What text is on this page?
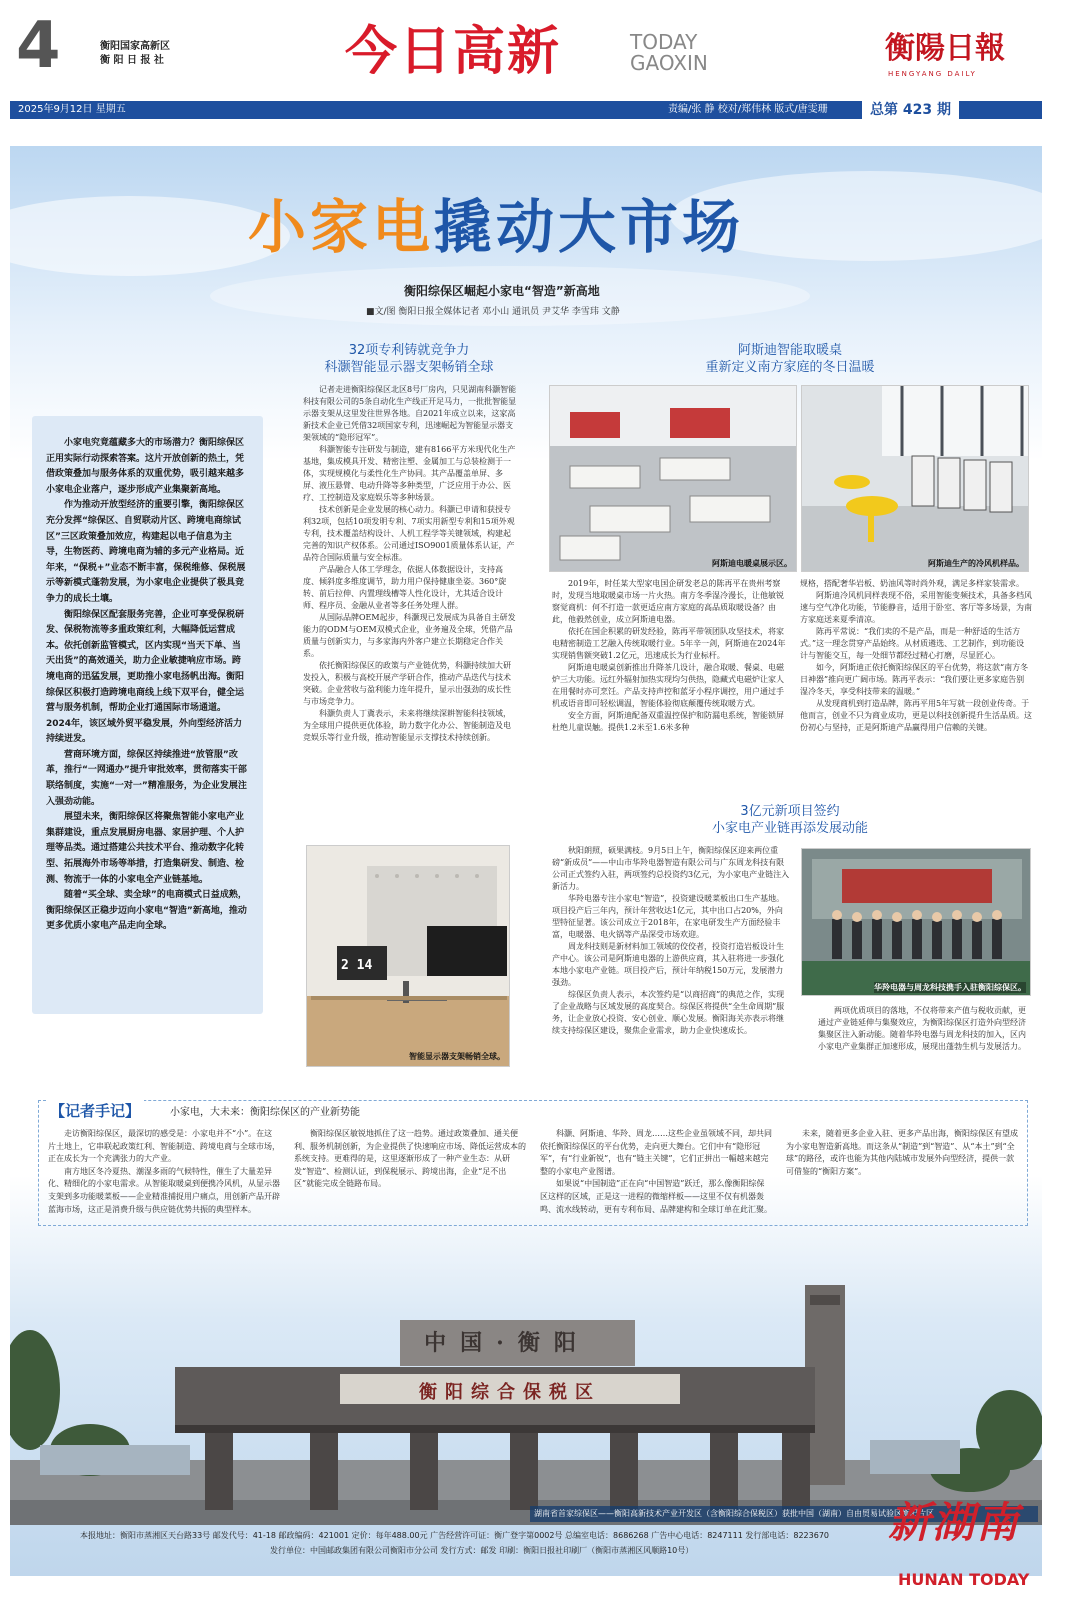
4	衡阳国家高新区
衡 阳 日 报 社	今日高新	TODAY
GAOXIN	衡陽日報
HENGYANG DAILY
2025年9月12日 星期五	责编/张 静 校对/郑伟林 版式/唐雯珊	总第 423 期
小家电撬动大市场
衡阳综保区崛起小家电“智造”新高地
■文/图 衡阳日报全媒体记者 邓小山 通讯员 尹艾华 李雪玮 文静

小家电究竟蕴藏多大的市场潜力？衡阳综保区正用实际行动探索答案。这片开放创新的热土，凭借政策叠加与服务体系的双重优势，吸引越来越多小家电企业落户，逐步形成产业集聚新高地。

作为推动开放型经济的重要引擎，衡阳综保区充分发挥“综保区、自贸联动片区、跨境电商综试区”三区政策叠加效应，构建起以电子信息为主导，生物医药、跨境电商为辅的多元产业格局。近年来，“保税+”业态不断丰富，保税维修、保税展示等新模式蓬勃发展，为小家电企业提供了极具竞争力的成长土壤。

衡阳综保区配套服务完善，企业可享受保税研发、保税物流等多重政策红利，大幅降低运营成本。依托创新监管模式，区内实现“当天下单、当天出货”的高效通关，助力企业敏捷响应市场。跨境电商的迅猛发展，更助推小家电扬帆出海。衡阳综保区积极打造跨境电商线上线下双平台，健全运营与服务机制，帮助企业打通国际市场通道。2024年，该区域外贸平稳发展，外向型经济活力持续迸发。

营商环境方面，综保区持续推进“放管服”改革，推行“一网通办”提升审批效率，贯彻落实干部联络制度，实施“一对一”精准服务，为企业发展注入强劲动能。

展望未来，衡阳综保区将聚焦智能小家电产业集群建设，重点发展厨房电器、家居护理、个人护理等品类。通过搭建公共技术平台、推动数字化转型、拓展海外市场等举措，打造集研发、制造、检测、物流于一体的小家电全产业链基地。

随着“买全球、卖全球”的电商模式日益成熟，衡阳综保区正稳步迈向小家电“智造”新高地，推动更多优质小家电产品走向全球。

32项专利铸就竞争力
科灏智能显示器支架畅销全球

记者走进衡阳综保区北区8号厂房内，只见湖南科灏智能科技有限公司的5条自动化生产线正开足马力，一批批智能显示器支架从这里发往世界各地。自2021年成立以来，这家高新技术企业已凭借32项国家专利，迅速崛起为智能显示器支架领域的“隐形冠军”。

科灏智能专注研发与制造，建有8166平方米现代化生产基地，集成模具开发、精密注塑、金属加工与总装检测于一体，实现规模化与柔性化生产协同。其产品覆盖单屏、多屏、液压悬臂、电动升降等多种类型，广泛应用于办公、医疗、工控制造及家庭娱乐等多种场景。

技术创新是企业发展的核心动力。科灏已申请和获授专利32项，包括10项发明专利、7项实用新型专利和15项外观专利，技术覆盖结构设计、人机工程学等关键领域，构建起完善的知识产权体系。公司通过ISO9001质量体系认证，产品符合国际质量与安全标准。

产品融合人体工学理念，依据人体数据设计，支持高度、倾斜度多维度调节，助力用户保持健康坐姿。360°旋转、前后拉伸、内置理线槽等人性化设计，尤其适合设计师、程序员、金融从业者等多任务处理人群。

从国际品牌OEM起步，科灏现已发展成为具备自主研发能力的ODM与OEM双模式企业，业务遍及全球，凭借产品质量与创新实力，与多家海内外客户建立长期稳定合作关系。

依托衡阳综保区的政策与产业链优势，科灏持续加大研发投入，积极与高校开展产学研合作，推动产品迭代与技术突破。企业营收与盈利能力连年提升，显示出强劲的成长性与市场竞争力。

科灏负责人丁冀表示，未来将继续深耕智能科技领域，为全球用户提供更优体验，助力数字化办公、智能制造及电竞娱乐等行业升级，推动智能显示支撑技术持续创新。

2 14
智能显示器支架畅销全球。
阿斯迪智能取暖桌
重新定义南方家庭的冬日温暖
阿斯迪电暖桌展示区。	阿斯迪生产的冷风机样品。

2019年，时任某大型家电国企研发老总的陈再平在贵州考察时，发现当地取暖桌市场一片火热。南方冬季湿冷漫长，让他敏锐察觉商机：何不打造一款更适应南方家庭的高品质取暖设备？由此，他毅然创业，成立阿斯迪电器。

依托在国企积累的研发经验，陈再平带领团队攻坚技术，将家电精密制造工艺融入传统取暖行业。5年辛一剑，阿斯迪在2024年实现销售额突破1.2亿元，迅速成长为行业标杆。

阿斯迪电暖桌创新推出升降茶几设计，融合取暖、餐桌、电磁炉三大功能。远红外辐射加热实现均匀供热，隐藏式电磁炉让家人在用餐时亦可烹饪。产品支持声控和蓝牙小程序调控，用户通过手机或语音即可轻松调温，智能体验彻底颠覆传统取暖方式。

安全方面，阿斯迪配备双重温控保护和防漏电系统，智能锁屏杜绝儿童误触。提供1.2米至1.6米多种

规格，搭配奢华岩板、奶油风等时尚外观，满足多样家装需求。

阿斯迪冷风机同样表现不俗，采用智能变频技术，具备多档风速与空气净化功能，节能静音，适用于卧室、客厅等多场景，为南方家庭送来夏季清凉。

陈再平常说：“我们卖的不是产品，而是一种舒适的生活方式。”这一理念贯穿产品始终。从材质遴选、工艺制作，到功能设计与智能交互，每一处细节都经过精心打磨，尽显匠心。

如今，阿斯迪正依托衡阳综保区的平台优势，将这款“南方冬日神器”推向更广阔市场。陈再平表示：“我们要让更多家庭告别湿冷冬天，享受科技带来的温暖。”

从发现商机到打造品牌，陈再平用5年写就一段创业传奇。于他而言，创业不只为商业成功，更是以科技创新提升生活品质。这份初心与坚持，正是阿斯迪产品赢得用户信赖的关键。

3亿元新项目签约
小家电产业链再添发展动能

秋阳朗照，硕果满枝。9月5日上午，衡阳综保区迎来两位重磅“新成员”——中山市华羚电器智造有限公司与广东周龙科技有限公司正式签约入驻，两项签约总投资约3亿元，为小家电产业链注入新活力。

华羚电器专注小家电“智造”，投资建设暖菜板出口生产基地。项目投产后三年内，预计年营收达1亿元，其中出口占20%，外向型特征显著。该公司成立于2018年，在家电研发生产方面经验丰富，电暖器、电火锅等产品深受市场欢迎。

周龙科技则是新材料加工领域的佼佼者，投资打造岩板设计生产中心。该公司是阿斯迪电器的上游供应商，其入驻将进一步强化本地小家电产业链。项目投产后，预计年纳税150万元，发展潜力强劲。

综保区负责人表示，本次签约是“以商招商”的典范之作，实现了企业战略与区域发展的高度契合。综保区将提供“全生命周期”服务，让企业放心投资、安心创业、顺心发展。衡阳海关亦表示将继续支持综保区建设，聚焦企业需求，助力企业快速成长。

华羚电器与周龙科技携手入驻衡阳综保区。

两项优质项目的落地，不仅将带来产值与税收贡献，更通过产业链延伸与集聚效应，为衡阳综保区打造外向型经济集聚区注入新动能。随着华羚电器与周龙科技的加入，区内小家电产业集群正加速形成，展现出蓬勃生机与发展活力。

【记者手记】	小家电，大未来：衡阳综保区的产业新势能

走访衡阳综保区，最深切的感受是：小家电并不“小”。在这片土地上，它串联起政策红利、智能制造、跨境电商与全球市场，正在成长为一个充满张力的大产业。

南方地区冬冷夏热、潮湿多雨的气候特性，催生了大量差异化、精细化的小家电需求。从智能取暖桌到便携冷风机，从显示器支架到多功能暖菜板——企业精准捕捉用户痛点，用创新产品开辟蓝海市场，这正是消费升级与供应链优势共振的典型样本。

衡阳综保区敏锐地抓住了这一趋势。通过政策叠加、通关便利、服务机制创新，为企业提供了快速响应市场、降低运营成本的系统支持。更难得的是，这里逐渐形成了一种产业生态：从研发“智造”、检测认证，到保税展示、跨境出海，企业“足不出区”就能完成全链路布局。

科灏、阿斯迪、华羚、周龙……这些企业虽领域不同，却共同依托衡阳综保区的平台优势，走向更大舞台。它们中有“隐形冠军”，有“行业新锐”，也有“链主关键”，它们正拼出一幅越来越完整的小家电产业图谱。

如果说“中国制造”正在向“中国智造”跃迁，那么像衡阳综保区这样的区域，正是这一进程的微缩样板——这里不仅有机器轰鸣、流水线转动，更有专利布局、品牌建构和全球订单在此汇聚。

未来，随着更多企业入驻、更多产品出海，衡阳综保区有望成为小家电智造新高地。而这条从“制造”到“智造”、从“本土”到“全球”的路径，或许也能为其他内陆城市发展外向型经济，提供一款可借鉴的“衡阳方案”。

中国·衡阳
衡阳综合保税区
湖南省首家综保区——衡阳高新技术产业开发区（含衡阳综合保税区）获批中国（湖南）自由贸易试验区衡阳片区
新湖南
HUNAN TODAY
本报地址：衡阳市蒸湘区天台路33号 邮发代号：41-18 邮政编码：421001 定价：每年488.00元 广告经营许可证：衡广登字第0002号 总编室电话：8686268 广告中心电话：8247111 发行部电话：8223670
发行单位：中国邮政集团有限公司衡阳市分公司 发行方式：邮发 印刷：衡阳日报社印刷厂（衡阳市蒸湘区风顺路10号）
